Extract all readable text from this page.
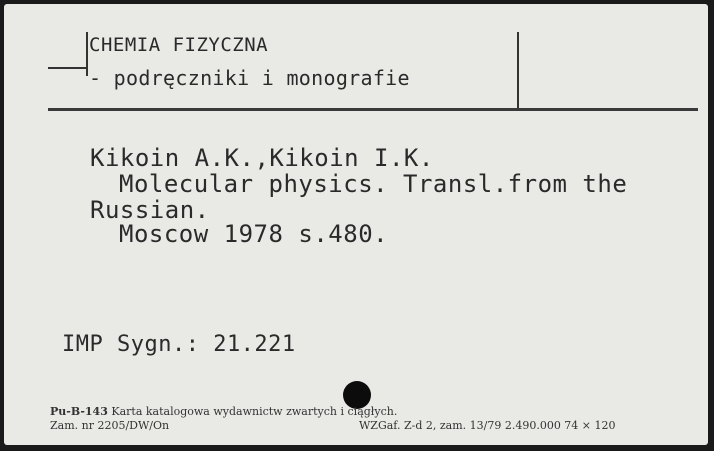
CHEMIA FIZYCZNA
- podręczniki i monografie
Kikoin A.K.,Kikoin I.K.
Molecular physics. Transl.from the
Russian.
Moscow 1978 s.480.
IMP Sygn.: 21.221
Pu-B-143 Karta katalogowa wydawnictw zwartych i ciągłych.
Zam. nr 2205/DW/On	WZGaf. Z-d 2, zam. 13/79 2.490.000 74 × 120
